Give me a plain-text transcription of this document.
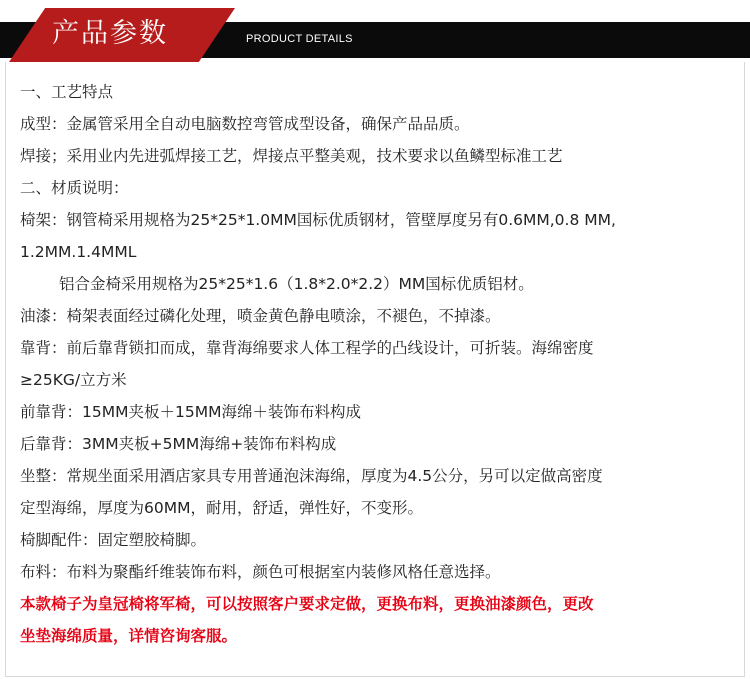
产品参数	PRODUCT DETAILS
一、工艺特点
成型：金属管采用全自动电脑数控弯管成型设备，确保产品品质。
焊接；采用业内先进弧焊接工艺，焊接点平整美观，技术要求以鱼鳞型标准工艺
二、材质说明：
椅架：钢管椅采用规格为25*25*1.0MM国标优质钢材，管壁厚度另有0.6MM,0.8 MM,
1.2MM.1.4MML
铝合金椅采用规格为25*25*1.6（1.8*2.0*2.2）MM国标优质铝材。
油漆：椅架表面经过磷化处理，喷金黄色静电喷涂，不褪色，不掉漆。
靠背：前后靠背锁扣而成，靠背海绵要求人体工程学的凸线设计，可折装。海绵密度
≥25KG/立方米
前靠背：15MM夹板＋15MM海绵＋装饰布料构成
后靠背：3MM夹板+5MM海绵+装饰布料构成
坐整：常规坐面采用酒店家具专用普通泡沫海绵，厚度为4.5公分，另可以定做高密度
定型海绵，厚度为60MM，耐用，舒适，弹性好，不变形。
椅脚配件：固定塑胶椅脚。
布料：布料为聚酯纤维装饰布料，颜色可根据室内装修风格任意选择。
本款椅子为皇冠椅将军椅，可以按照客户要求定做，更换布料，更换油漆颜色，更改
坐垫海绵质量，详情咨询客服。
